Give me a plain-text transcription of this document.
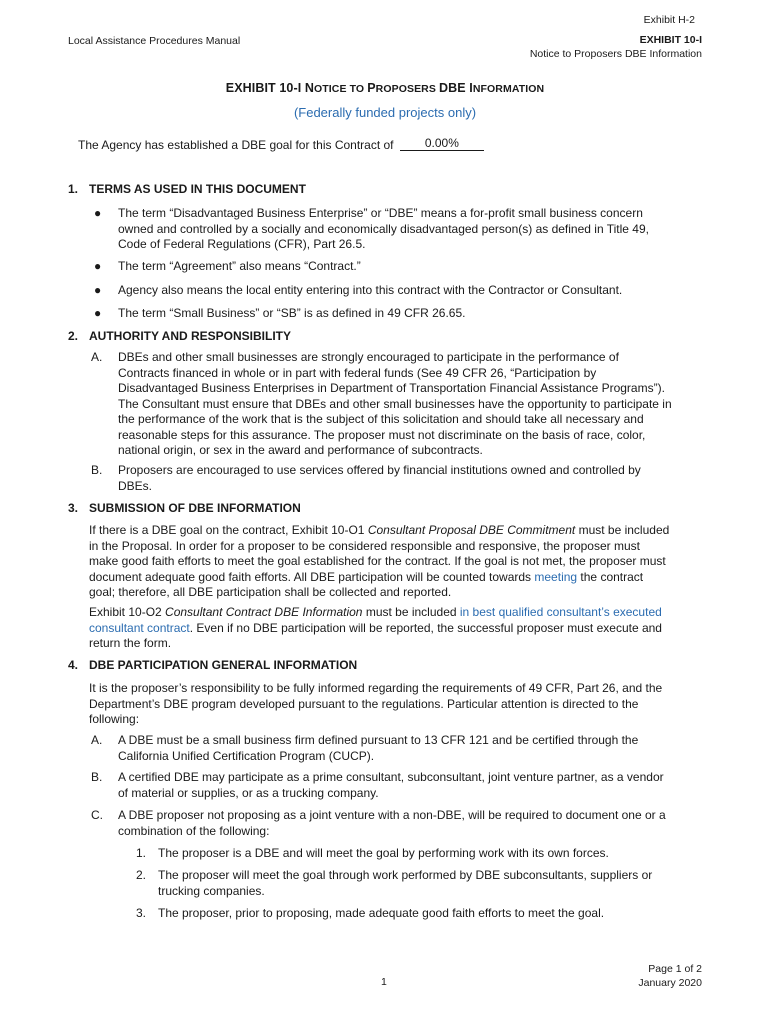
Exhibit H-2
Local Assistance Procedures Manual	EXHIBIT 10-I
Notice to Proposers DBE Information
EXHIBIT 10-I NOTICE TO PROPOSERS DBE INFORMATION
(Federally funded projects only)
The Agency has established a DBE goal for this Contract of	0.00%
1. TERMS AS USED IN THIS DOCUMENT
● The term “Disadvantaged Business Enterprise” or “DBE” means a for-profit small business concern

owned and controlled by a socially and economically disadvantaged person(s) as defined in Title 49,

Code of Federal Regulations (CFR), Part 26.5.

● The term “Agreement” also means “Contract.”
● Agency also means the local entity entering into this contract with the Contractor or Consultant.
● The term “Small Business” or “SB” is as defined in 49 CFR 26.65.
2. AUTHORITY AND RESPONSIBILITY
A. DBEs and other small businesses are strongly encouraged to participate in the performance of

Contracts financed in whole or in part with federal funds (See 49 CFR 26, “Participation by

Disadvantaged Business Enterprises in Department of Transportation Financial Assistance Programs”).

The Consultant must ensure that DBEs and other small businesses have the opportunity to participate in

the performance of the work that is the subject of this solicitation and should take all necessary and

reasonable steps for this assurance. The proposer must not discriminate on the basis of race, color,

national origin, or sex in the award and performance of subcontracts.

B. Proposers are encouraged to use services offered by financial institutions owned and controlled by

DBEs.

3. SUBMISSION OF DBE INFORMATION

If there is a DBE goal on the contract, Exhibit 10-O1 Consultant Proposal DBE Commitment must be included

in the Proposal. In order for a proposer to be considered responsible and responsive, the proposer must

make good faith efforts to meet the goal established for the contract. If the goal is not met, the proposer must

document adequate good faith efforts. All DBE participation will be counted towards meeting the contract

goal; therefore, all DBE participation shall be collected and reported.

Exhibit 10-O2 Consultant Contract DBE Information must be included in best qualified consultant’s executed

consultant contract. Even if no DBE participation will be reported, the successful proposer must execute and

return the form.

4. DBE PARTICIPATION GENERAL INFORMATION

It is the proposer’s responsibility to be fully informed regarding the requirements of 49 CFR, Part 26, and the

Department’s DBE program developed pursuant to the regulations. Particular attention is directed to the

following:

A. A DBE must be a small business firm defined pursuant to 13 CFR 121 and be certified through the

California Unified Certification Program (CUCP).

B. A certified DBE may participate as a prime consultant, subconsultant, joint venture partner, as a vendor

of material or supplies, or as a trucking company.

C. A DBE proposer not proposing as a joint venture with a non-DBE, will be required to document one or a

combination of the following:

1. The proposer is a DBE and will meet the goal by performing work with its own forces.
2. The proposer will meet the goal through work performed by DBE subconsultants, suppliers or

trucking companies.

3. The proposer, prior to proposing, made adequate good faith efforts to meet the goal.
1
Page 1 of 2
January 2020
